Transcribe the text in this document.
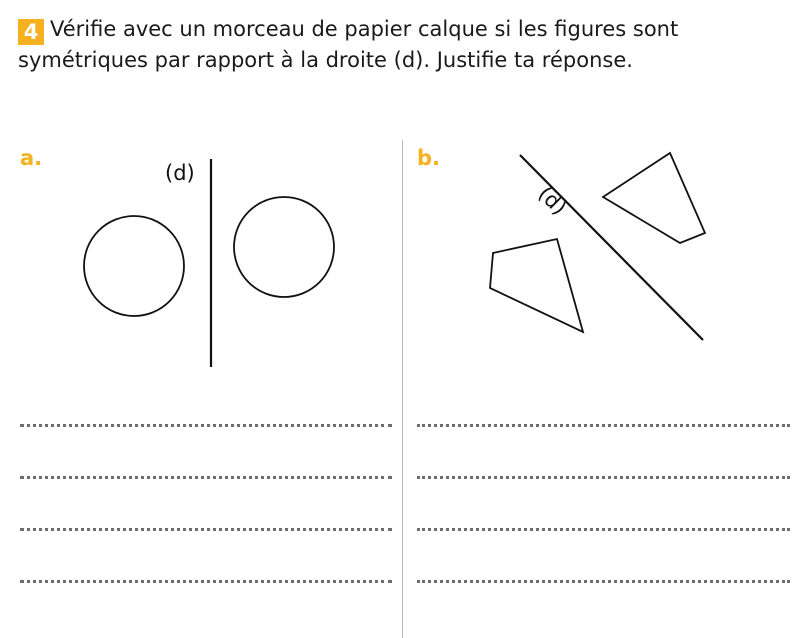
4 Vérifie avec un morceau de papier calque si les figures sont symétriques par rapport à la droite (d). Justifie ta réponse.
a.
(d)
b.
(d)
